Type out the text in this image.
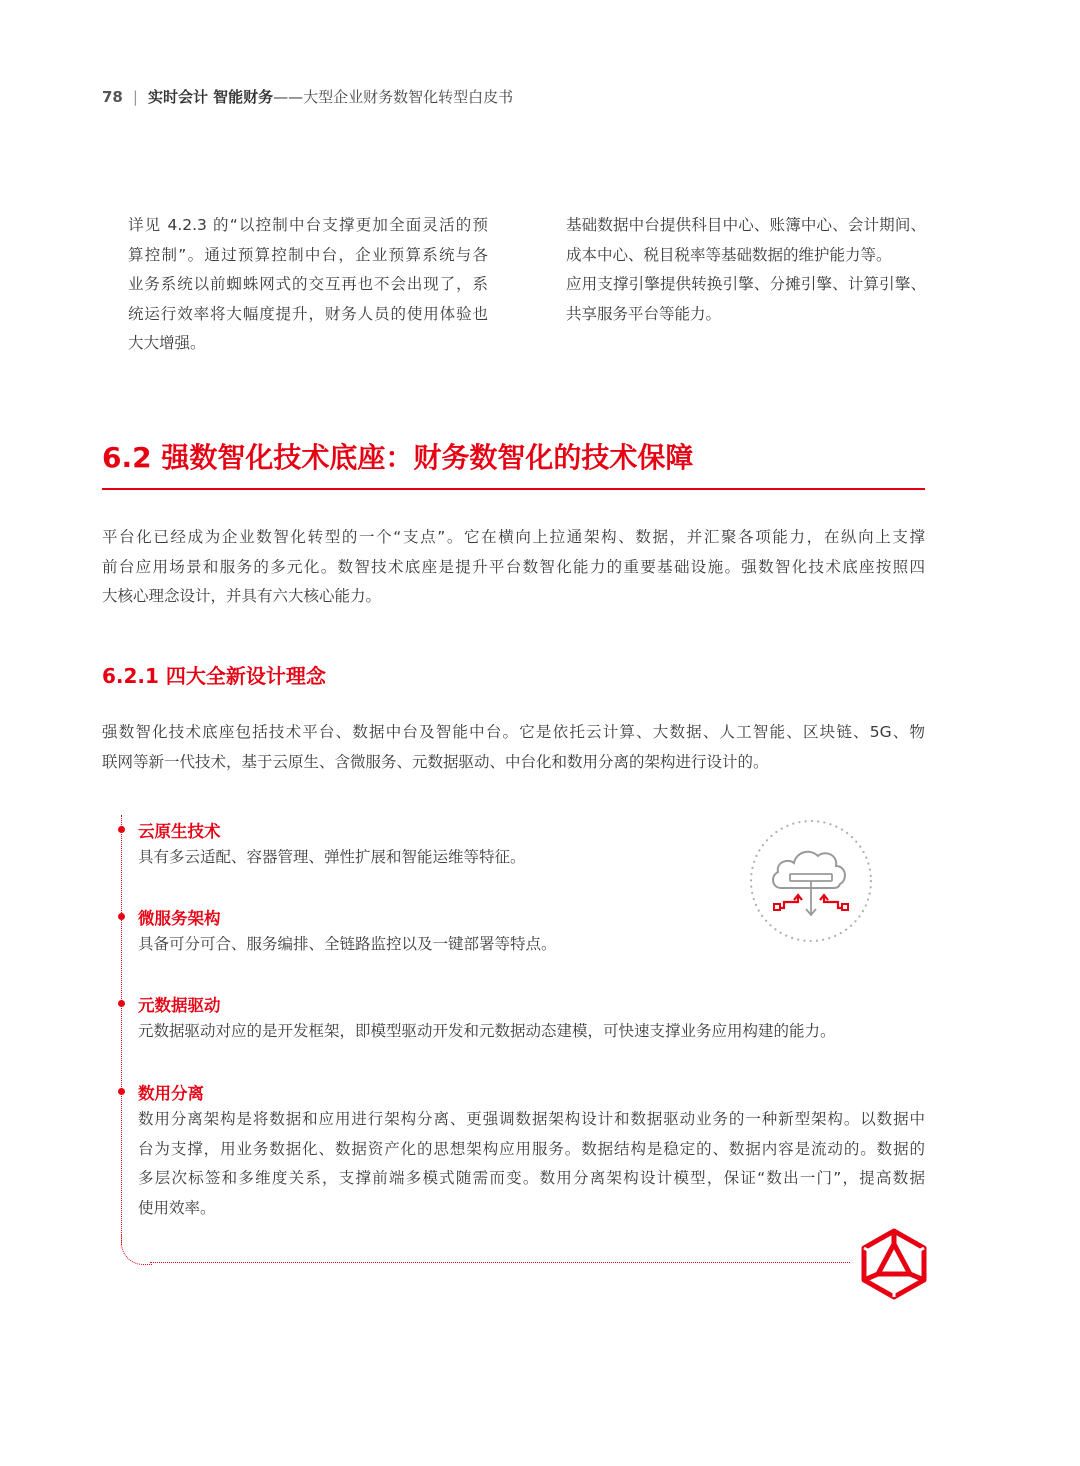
78 | 实时会计 智能财务——大型企业财务数智化转型白皮书

详见 4.2.3 的“以控制中台支撑更加全面灵活的预

算控制”。通过预算控制中台，企业预算系统与各

业务系统以前蜘蛛网式的交互再也不会出现了，系

统运行效率将大幅度提升，财务人员的使用体验也

大大增强。

基础数据中台提供科目中心、账簿中心、会计期间、

成本中心、税目税率等基础数据的维护能力等。

应用支撑引擎提供转换引擎、分摊引擎、计算引擎、

共享服务平台等能力。

6.2 强数智化技术底座：财务数智化的技术保障

平台化已经成为企业数智化转型的一个“支点”。它在横向上拉通架构、数据，并汇聚各项能力，在纵向上支撑

前台应用场景和服务的多元化。数智技术底座是提升平台数智化能力的重要基础设施。强数智化技术底座按照四

大核心理念设计，并具有六大核心能力。

6.2.1 四大全新设计理念

强数智化技术底座包括技术平台、数据中台及智能中台。它是依托云计算、大数据、人工智能、区块链、5G、物

联网等新一代技术，基于云原生、含微服务、元数据驱动、中台化和数用分离的架构进行设计的。

云原生技术

具有多云适配、容器管理、弹性扩展和智能运维等特征。

微服务架构

具备可分可合、服务编排、全链路监控以及一键部署等特点。

元数据驱动

元数据驱动对应的是开发框架，即模型驱动开发和元数据动态建模，可快速支撑业务应用构建的能力。

数用分离

数用分离架构是将数据和应用进行架构分离、更强调数据架构设计和数据驱动业务的一种新型架构。以数据中

台为支撑，用业务数据化、数据资产化的思想架构应用服务。数据结构是稳定的、数据内容是流动的。数据的

多层次标签和多维度关系，支撑前端多模式随需而变。数用分离架构设计模型，保证“数出一门”，提高数据

使用效率。
